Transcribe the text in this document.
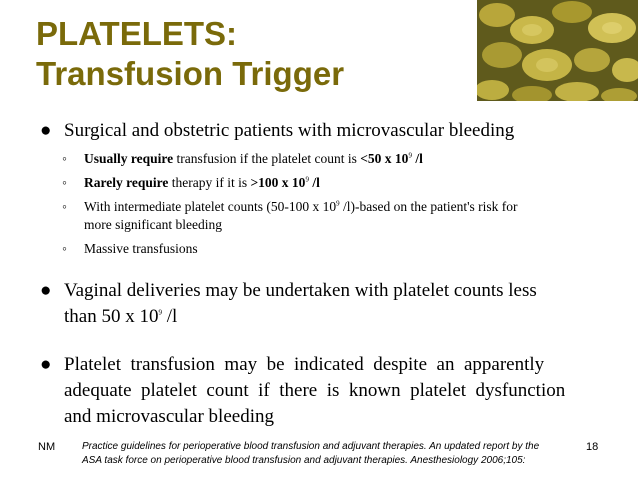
PLATELETS:
Transfusion Trigger
● Surgical and obstetric patients with microvascular bleeding
◦ Usually require transfusion if the platelet count is <50 x $10^9$ /l
◦ Rarely require therapy if it is >100 x $10^9$ /l
◦ With intermediate platelet counts (50-100 x $10^9$ /l)-based on the patient's risk for
more significant bleeding
◦ Massive transfusions
● Vaginal deliveries may be undertaken with platelet counts less
than 50 x $10^9$ /l
● Platelet  transfusion  may  be  indicated  despite  an  apparently
adequate  platelet  count  if  there  is  known  platelet  dysfunction
and microvascular bleeding
NM	Practice guidelines for perioperative blood transfusion and adjuvant therapies. An updated report by the
ASA task force on perioperative blood transfusion and adjuvant therapies. Anesthesiology 2006;105:
18
